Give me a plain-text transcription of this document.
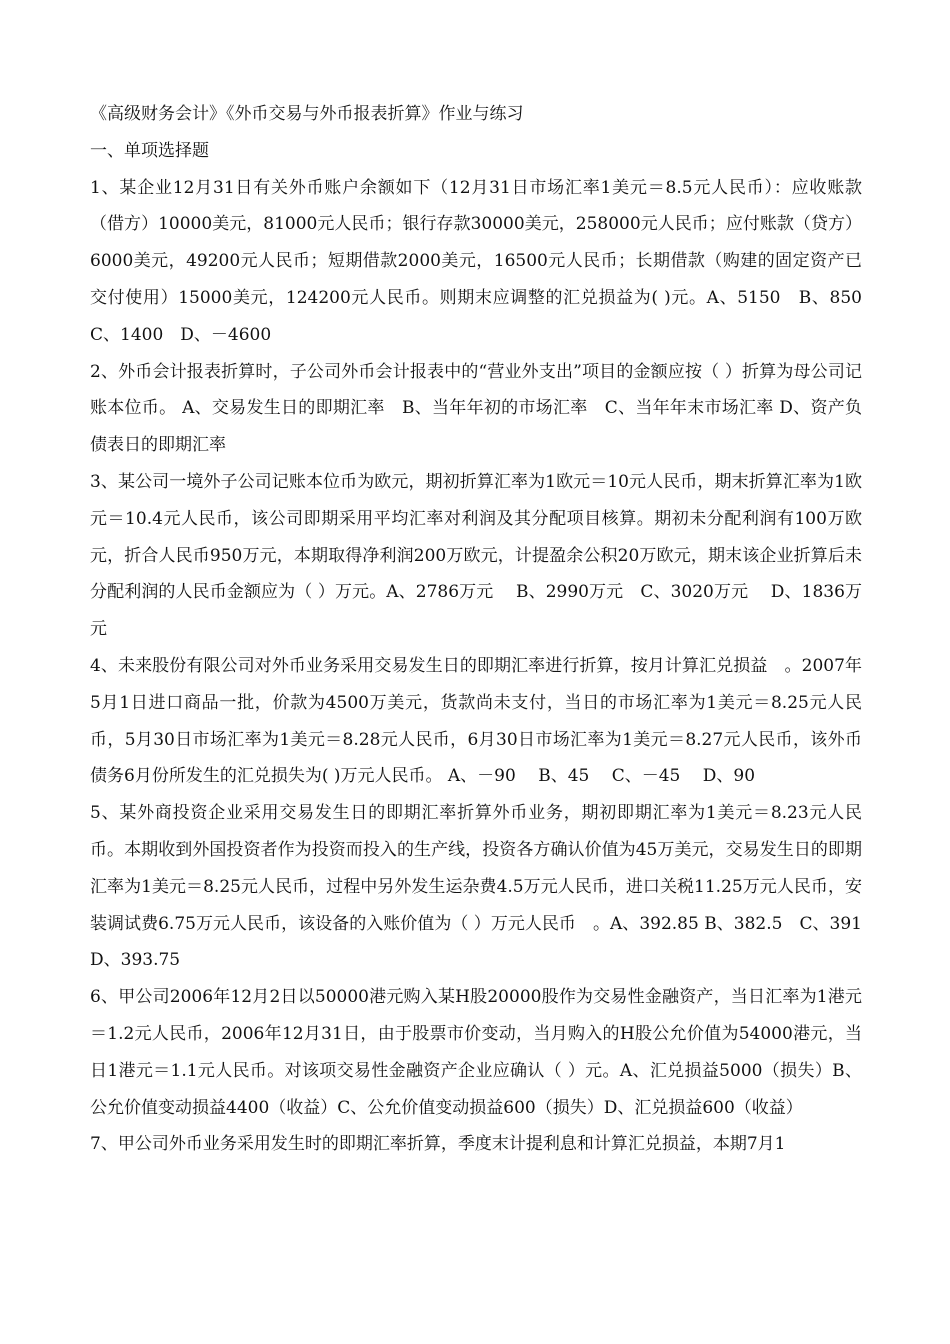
《高级财务会计》《外币交易与外币报表折算》作业与练习

一、单项选择题

1、某企业12月31日有关外币账户余额如下（12月31日市场汇率1美元＝8.5元人民币）：应收账款（借方）10000美元，81000元人民币；银行存款30000美元，258000元人民币；应付账款（贷方）6000美元，49200元人民币；短期借款2000美元，16500元人民币；长期借款（购建的固定资产已交付使用）15000美元，124200元人民币。则期末应调整的汇兑损益为( )元。A、5150　B、850　C、1400　D、－4600

2、外币会计报表折算时，子公司外币会计报表中的“营业外支出”项目的金额应按（ ）折算为母公司记账本位币。 A、交易发生日的即期汇率　B、当年年初的市场汇率　C、当年年末市场汇率 D、资产负债表日的即期汇率

3、某公司一境外子公司记账本位币为欧元，期初折算汇率为1欧元＝10元人民币，期末折算汇率为1欧元＝10.4元人民币，该公司即期采用平均汇率对利润及其分配项目核算。期初未分配利润有100万欧元，折合人民币950万元，本期取得净利润200万欧元，计提盈余公积20万欧元，期末该企业折算后未分配利润的人民币金额应为（ ）万元。A、2786万元　 B、2990万元　C、3020万元　 D、1836万元

4、未来股份有限公司对外币业务采用交易发生日的即期汇率进行折算，按月计算汇兑损益　。2007年5月1日进口商品一批，价款为4500万美元，货款尚未支付，当日的市场汇率为1美元＝8.25元人民币，5月30日市场汇率为1美元＝8.28元人民币，6月30日市场汇率为1美元＝8.27元人民币，该外币债务6月份所发生的汇兑损失为( )万元人民币。 A、－90　 B、45　 C、－45　 D、90

5、某外商投资企业采用交易发生日的即期汇率折算外币业务，期初即期汇率为1美元＝8.23元人民币。本期收到外国投资者作为投资而投入的生产线，投资各方确认价值为45万美元，交易发生日的即期汇率为1美元＝8.25元人民币，过程中另外发生运杂费4.5万元人民币，进口关税11.25万元人民币，安装调试费6.75万元人民币，该设备的入账价值为（ ）万元人民币　。A、392.85 B、382.5　C、391　 D、393.75

6、甲公司2006年12月2日以50000港元购入某H股20000股作为交易性金融资产，当日汇率为1港元＝1.2元人民币，2006年12月31日，由于股票市价变动，当月购入的H股公允价值为54000港元，当日1港元＝1.1元人民币。对该项交易性金融资产企业应确认（ ）元。A、汇兑损益5000（损失）B、公允价值变动损益4400（收益）C、公允价值变动损益600（损失）D、汇兑损益600（收益）

7、甲公司外币业务采用发生时的即期汇率折算，季度末计提利息和计算汇兑损益，本期7月1
